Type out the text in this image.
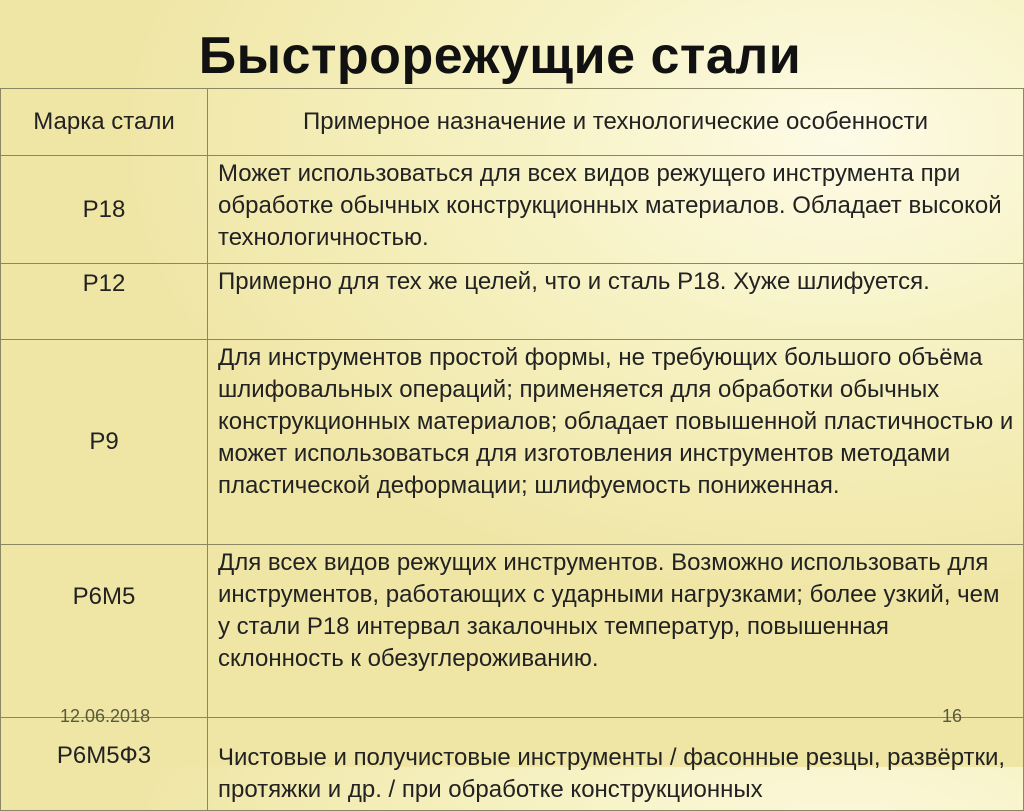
Быстрорежущие стали
Марка стали	Примерное назначение и технологические особенности
Р18	Может использоваться для всех видов режущего инструмента при обработке обычных конструкционных материалов. Обладает высокой технологичностью.
Р12	Примерно для тех же целей, что и сталь Р18. Хуже шлифуется.
Р9	Для инструментов простой формы, не требующих большого объёма шлифовальных операций; применяется для обработки обычных конструкционных материалов; обладает повышенной пластичностью и может использоваться для изготовления инструментов методами пластической деформации; шлифуемость пониженная.
Р6М5	Для всех видов режущих инструментов. Возможно использовать для инструментов, работающих с ударными нагрузками; более узкий, чем у стали Р18 интервал закалочных температур, повышенная склонность к обезуглероживанию.
Р6М5Ф3	Чистовые и получистовые инструменты / фасонные резцы, развёртки, протяжки и др. / при обработке конструкционных
12.06.2018	16
